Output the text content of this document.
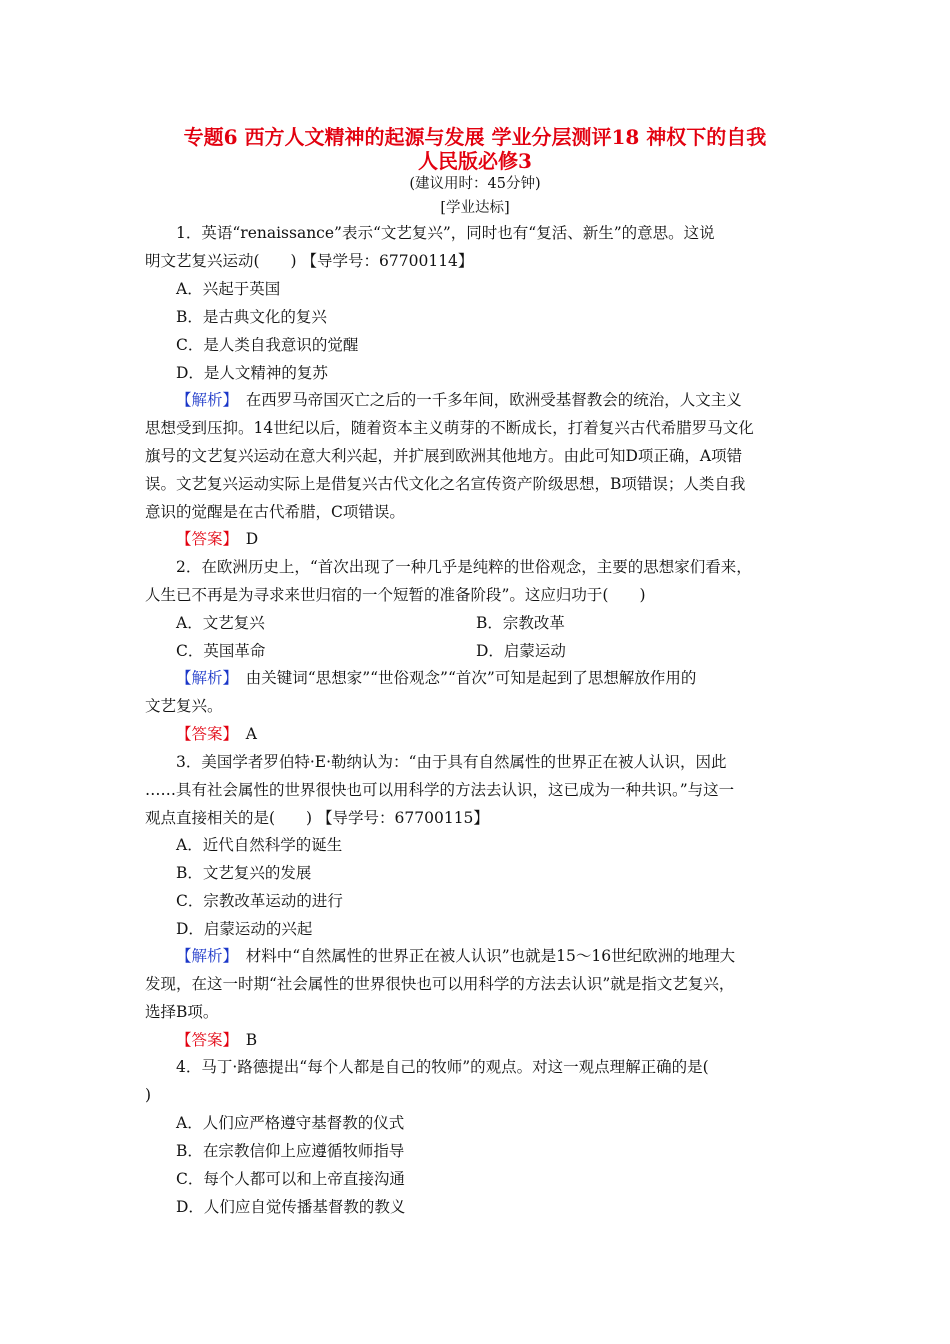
专题6 西方人文精神的起源与发展 学业分层测评18 神权下的自我
人民版必修3
(建议用时：45分钟)
[学业达标]
1．英语“renaissance”表示“文艺复兴”，同时也有“复活、新生”的意思。这说
明文艺复兴运动(　　) 【导学号：67700114】
A．兴起于英国
B．是古典文化的复兴
C．是人类自我意识的觉醒
D．是人文精神的复苏
【解析】　 在西罗马帝国灭亡之后的一千多年间，欧洲受基督教会的统治，人文主义
思想受到压抑。14世纪以后，随着资本主义萌芽的不断成长，打着复兴古代希腊罗马文化
旗号的文艺复兴运动在意大利兴起，并扩展到欧洲其他地方。由此可知D项正确，A项错
误。文艺复兴运动实际上是借复兴古代文化之名宣传资产阶级思想，B项错误；人类自我
意识的觉醒是在古代希腊，C项错误。
【答案】　 D
2．在欧洲历史上，“首次出现了一种几乎是纯粹的世俗观念，主要的思想家们看来，
人生已不再是为寻求来世归宿的一个短暂的准备阶段”。这应归功于(　　)
A．文艺复兴	B．宗教改革
C．英国革命	D．启蒙运动
【解析】　 由关键词“思想家”“世俗观念”“首次”可知是起到了思想解放作用的
文艺复兴。
【答案】　 A
3．美国学者罗伯特·E·勒纳认为：“由于具有自然属性的世界正在被人认识，因此
……具有社会属性的世界很快也可以用科学的方法去认识，这已成为一种共识。”与这一
观点直接相关的是(　　) 【导学号：67700115】
A．近代自然科学的诞生
B．文艺复兴的发展
C．宗教改革运动的进行
D．启蒙运动的兴起
【解析】　 材料中“自然属性的世界正在被人认识”也就是15～16世纪欧洲的地理大
发现，在这一时期“社会属性的世界很快也可以用科学的方法去认识”就是指文艺复兴，
选择B项。
【答案】　 B
4．马丁·路德提出“每个人都是自己的牧师”的观点。对这一观点理解正确的是(
)
A．人们应严格遵守基督教的仪式
B．在宗教信仰上应遵循牧师指导
C．每个人都可以和上帝直接沟通
D．人们应自觉传播基督教的教义
